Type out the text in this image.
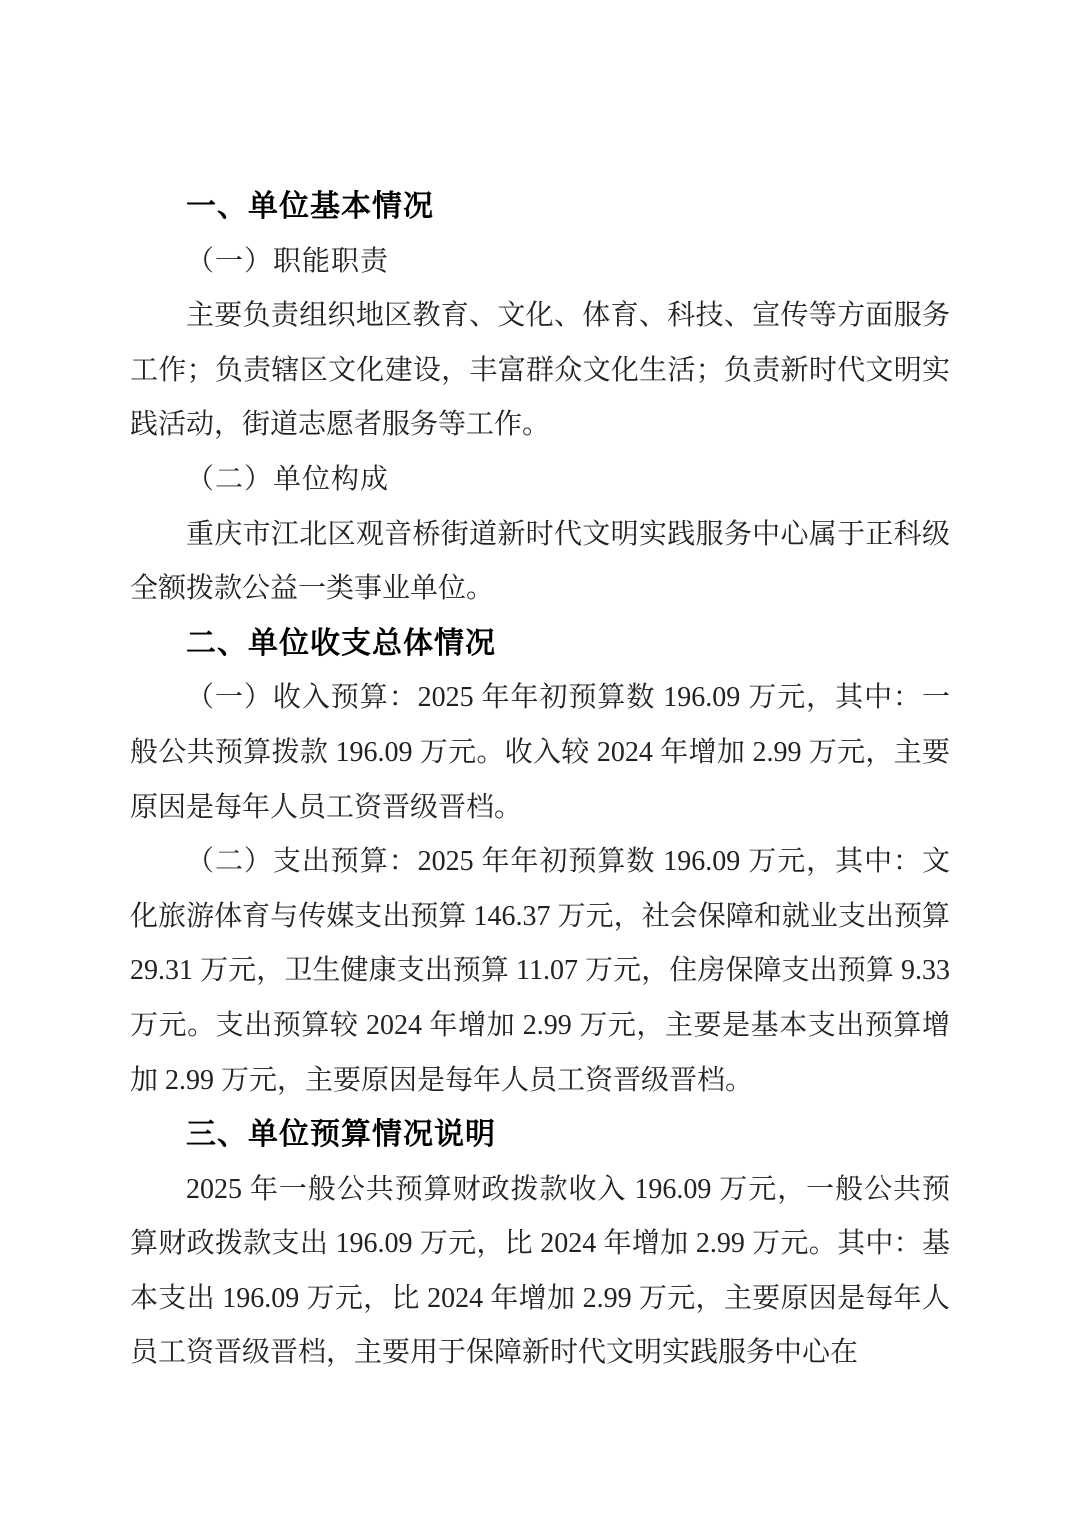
一、单位基本情况

（一）职能职责

主要负责组织地区教育、文化、体育、科技、宣传等方面服务工作；负责辖区文化建设，丰富群众文化生活；负责新时代文明实践活动，街道志愿者服务等工作。

（二）单位构成

重庆市江北区观音桥街道新时代文明实践服务中心属于正科级全额拨款公益一类事业单位。

二、单位收支总体情况

（一）收入预算：2025 年年初预算数 196.09 万元，其中：一般公共预算拨款 196.09 万元。收入较 2024 年增加 2.99 万元，主要原因是每年人员工资晋级晋档。

（二）支出预算：2025 年年初预算数 196.09 万元，其中：文化旅游体育与传媒支出预算 146.37 万元，社会保障和就业支出预算 29.31 万元，卫生健康支出预算 11.07 万元，住房保障支出预算 9.33 万元。支出预算较 2024 年增加 2.99 万元，主要是基本支出预算增加 2.99 万元，主要原因是每年人员工资晋级晋档。

三、单位预算情况说明

2025 年一般公共预算财政拨款收入 196.09 万元，一般公共预算财政拨款支出 196.09 万元，比 2024 年增加 2.99 万元。其中：基本支出 196.09 万元，比 2024 年增加 2.99 万元，主要原因是每年人员工资晋级晋档，主要用于保障新时代文明实践服务中心在
